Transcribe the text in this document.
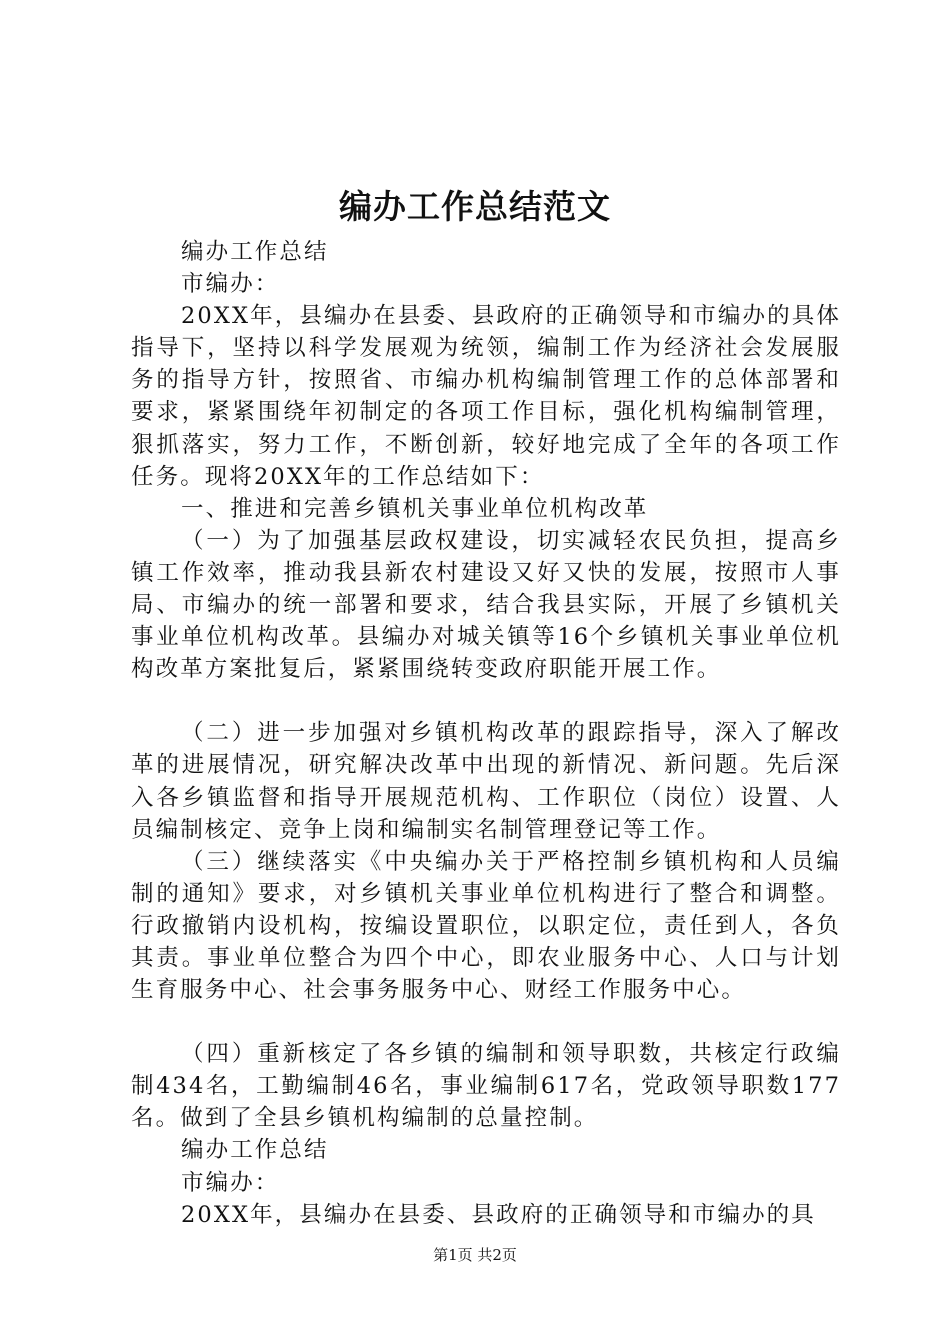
编办工作总结范文

编办工作总结

市编办：

20XX年，县编办在县委、县政府的正确领导和市编办的具体指导下，坚持以科学发展观为统领，编制工作为经济社会发展服务的指导方针，按照省、市编办机构编制管理工作的总体部署和要求，紧紧围绕年初制定的各项工作目标，强化机构编制管理，狠抓落实，努力工作，不断创新，较好地完成了全年的各项工作任务。现将20XX年的工作总结如下：

一、推进和完善乡镇机关事业单位机构改革

（一）为了加强基层政权建设，切实减轻农民负担，提高乡镇工作效率，推动我县新农村建设又好又快的发展，按照市人事局、市编办的统一部署和要求，结合我县实际，开展了乡镇机关事业单位机构改革。县编办对城关镇等16个乡镇机关事业单位机构改革方案批复后，紧紧围绕转变政府职能开展工作。

（二）进一步加强对乡镇机构改革的跟踪指导，深入了解改革的进展情况，研究解决改革中出现的新情况、新问题。先后深入各乡镇监督和指导开展规范机构、工作职位（岗位）设置、人员编制核定、竞争上岗和编制实名制管理登记等工作。

（三）继续落实《中央编办关于严格控制乡镇机构和人员编制的通知》要求，对乡镇机关事业单位机构进行了整合和调整。行政撤销内设机构，按编设置职位，以职定位，责任到人，各负其责。事业单位整合为四个中心，即农业服务中心、人口与计划生育服务中心、社会事务服务中心、财经工作服务中心。

（四）重新核定了各乡镇的编制和领导职数，共核定行政编制434名，工勤编制46名，事业编制617名，党政领导职数177名。做到了全县乡镇机构编制的总量控制。

编办工作总结

市编办：

20XX年，县编办在县委、县政府的正确领导和市编办的具

第1页 共2页
